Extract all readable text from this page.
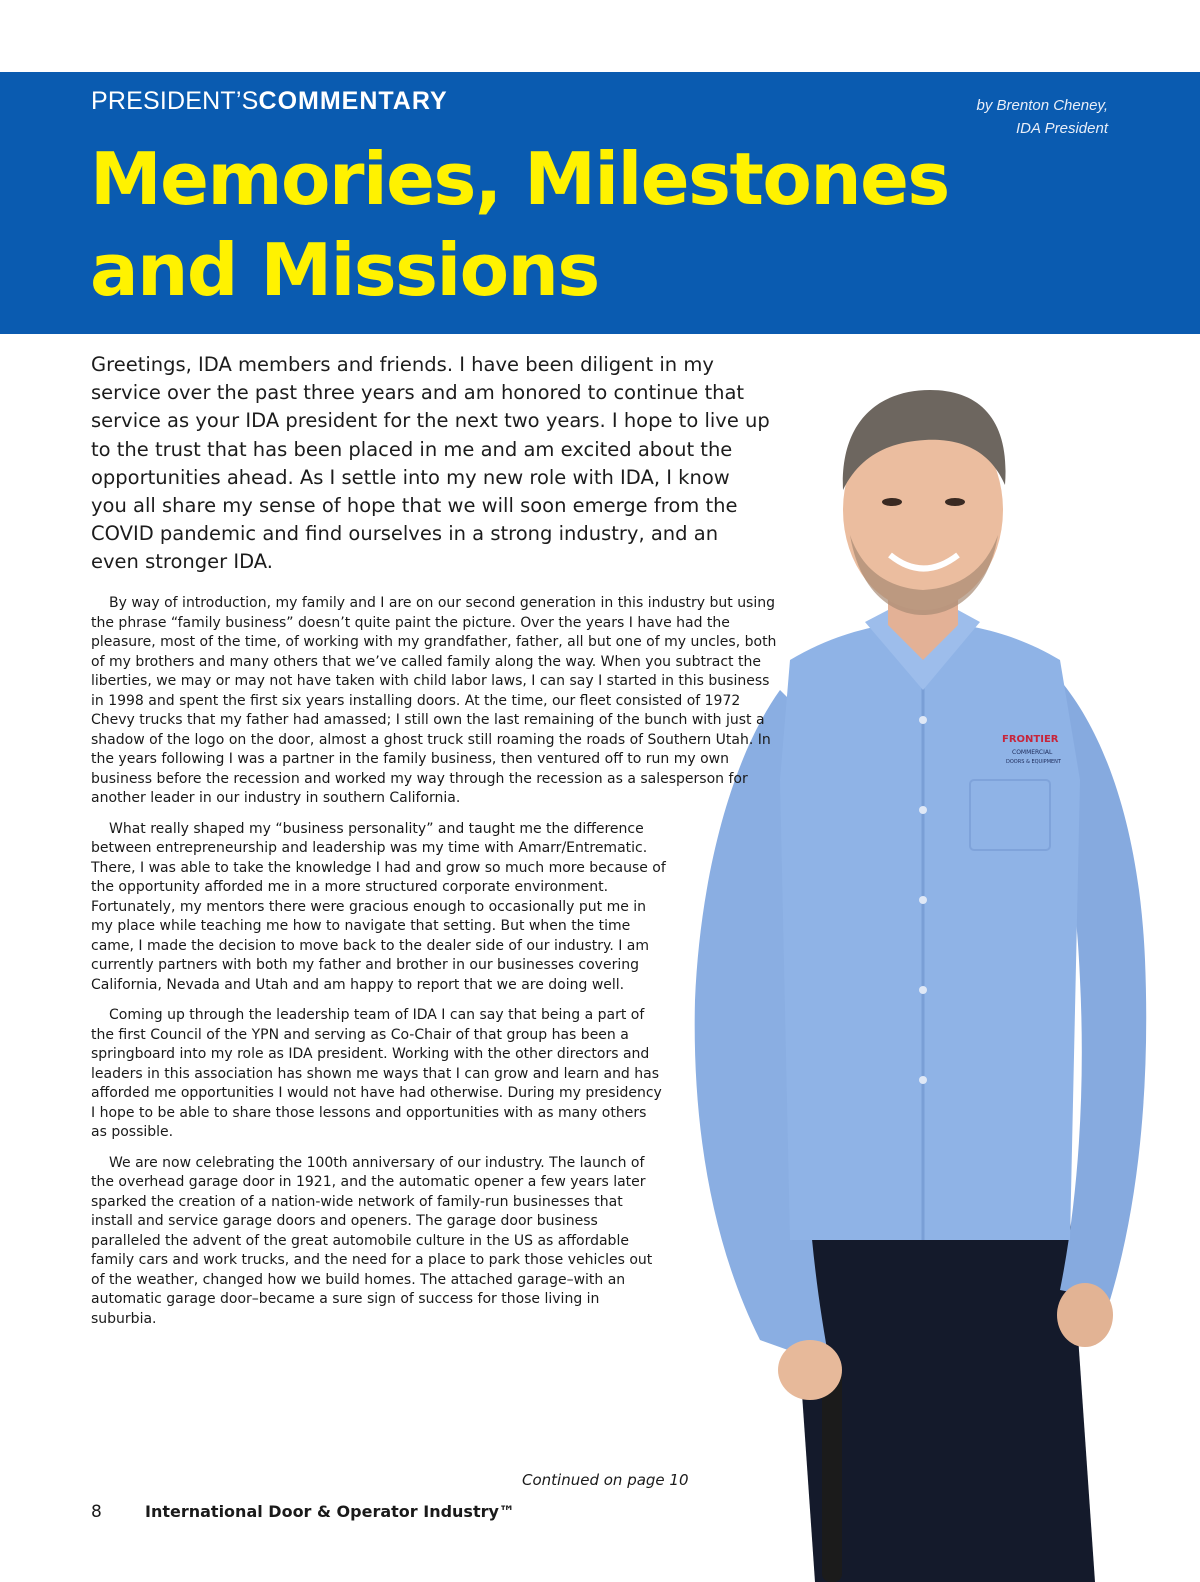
PRESIDENT’SCOMMENTARY	by Brenton Cheney,
IDA President

Memories, Milestones
and Missions
FRONTIER
COMMERCIAL
DOORS & EQUIPMENT

Greetings, IDA members and friends. I have been diligent in my service over the past three years and am honored to continue that service as your IDA president for the next two years. I hope to live up to the trust that has been placed in me and am excited about the opportunities ahead. As I settle into my new role with IDA, I know you all share my sense of hope that we will soon emerge from the COVID pandemic and find ourselves in a strong industry, and an even stronger IDA.

By way of introduction, my family and I are on our second generation in this industry but using the phrase “family business” doesn’t quite paint the picture. Over the years I have had the pleasure, most of the time, of working with my grandfather, father, all but one of my uncles, both of my brothers and many others that we’ve called family along the way. When you subtract the liberties, we may or may not have taken with child labor laws, I can say I started in this business in 1998 and spent the first six years installing doors. At the time, our fleet consisted of 1972 Chevy trucks that my father had amassed; I still own the last remaining of the bunch with just a shadow of the logo on the door, almost a ghost truck still roaming the roads of Southern Utah. In the years following I was a partner in the family business, then ventured off to run my own business before the recession and worked my way through the recession as a salesperson for another leader in our industry in southern California.

What really shaped my “business personality” and taught me the difference between entrepreneurship and leadership was my time with Amarr/Entrematic. There, I was able to take the knowledge I had and grow so much more because of the opportunity afforded me in a more structured corporate environment. Fortunately, my mentors there were gracious enough to occasionally put me in my place while teaching me how to navigate that setting. But when the time came, I made the decision to move back to the dealer side of our industry. I am currently partners with both my father and brother in our businesses covering California, Nevada and Utah and am happy to report that we are doing well.

Coming up through the leadership team of IDA I can say that being a part of the first Council of the YPN and serving as Co-Chair of that group has been a springboard into my role as IDA president. Working with the other directors and leaders in this association has shown me ways that I can grow and learn and has afforded me opportunities I would not have had otherwise. During my presidency I hope to be able to share those lessons and opportunities with as many others as possible.

We are now celebrating the 100th anniversary of our industry. The launch of the overhead garage door in 1921, and the automatic opener a few years later sparked the creation of a nation-wide network of family-run businesses that install and service garage doors and openers. The garage door business paralleled the advent of the great automobile culture in the US as affordable family cars and work trucks, and the need for a place to park those vehicles out of the weather, changed how we build homes. The attached garage–with an automatic garage door–became a sure sign of success for those living in suburbia.

Continued on page 10

8	International Door & Operator Industry™
